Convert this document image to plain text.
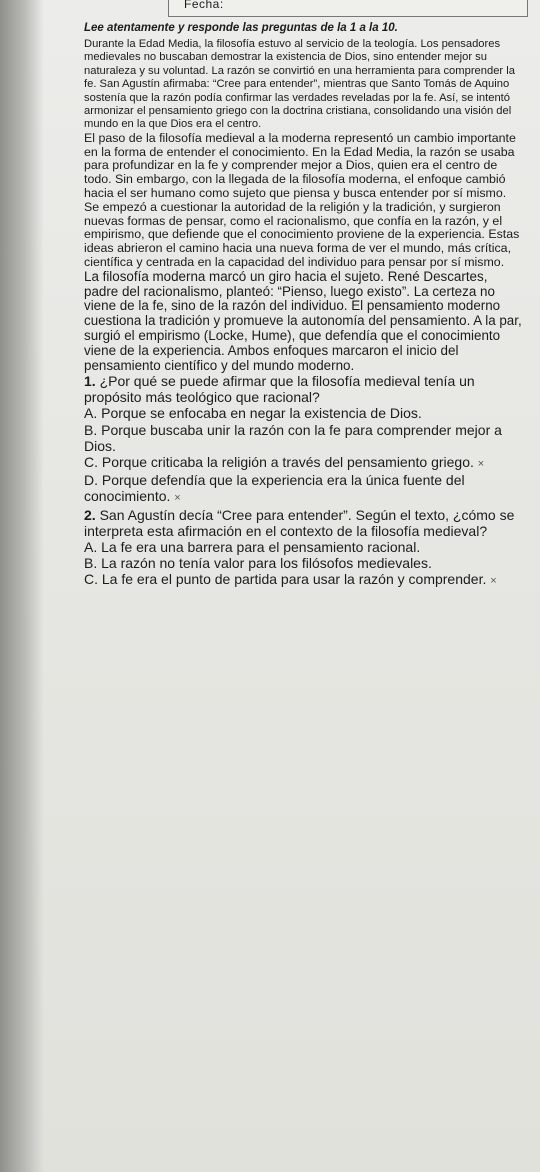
Fecha:

Lee atentamente y responde las preguntas de la 1 a la 10.

Durante la Edad Media, la filosofía estuvo al servicio de la teología. Los pensadores medievales no buscaban demostrar la existencia de Dios, sino entender mejor su naturaleza y su voluntad. La razón se convirtió en una herramienta para comprender la fe. San Agustín afirmaba: “Cree para entender”, mientras que Santo Tomás de Aquino sostenía que la razón podía confirmar las verdades reveladas por la fe. Así, se intentó armonizar el pensamiento griego con la doctrina cristiana, consolidando una visión del mundo en la que Dios era el centro.

El paso de la filosofía medieval a la moderna representó un cambio importante en la forma de entender el conocimiento. En la Edad Media, la razón se usaba para profundizar en la fe y comprender mejor a Dios, quien era el centro de todo. Sin embargo, con la llegada de la filosofía moderna, el enfoque cambió hacia el ser humano como sujeto que piensa y busca entender por sí mismo. Se empezó a cuestionar la autoridad de la religión y la tradición, y surgieron nuevas formas de pensar, como el racionalismo, que confía en la razón, y el empirismo, que defiende que el conocimiento proviene de la experiencia. Estas ideas abrieron el camino hacia una nueva forma de ver el mundo, más crítica, científica y centrada en la capacidad del individuo para pensar por sí mismo.

La filosofía moderna marcó un giro hacia el sujeto. René Descartes, padre del racionalismo, planteó: “Pienso, luego existo”. La certeza no viene de la fe, sino de la razón del individuo. El pensamiento moderno cuestiona la tradición y promueve la autonomía del pensamiento. A la par, surgió el empirismo (Locke, Hume), que defendía que el conocimiento viene de la experiencia. Ambos enfoques marcaron el inicio del pensamiento científico y del mundo moderno.

1. ¿Por qué se puede afirmar que la filosofía medieval tenía un propósito más teológico que racional?

A. Porque se enfocaba en negar la existencia de Dios.

B. Porque buscaba unir la razón con la fe para comprender mejor a Dios.

C. Porque criticaba la religión a través del pensamiento griego. ×

D. Porque defendía que la experiencia era la única fuente del conocimiento. ×

2. San Agustín decía “Cree para entender”. Según el texto, ¿cómo se interpreta esta afirmación en el contexto de la filosofía medieval?

A. La fe era una barrera para el pensamiento racional.

B. La razón no tenía valor para los filósofos medievales.

C. La fe era el punto de partida para usar la razón y comprender. ×
